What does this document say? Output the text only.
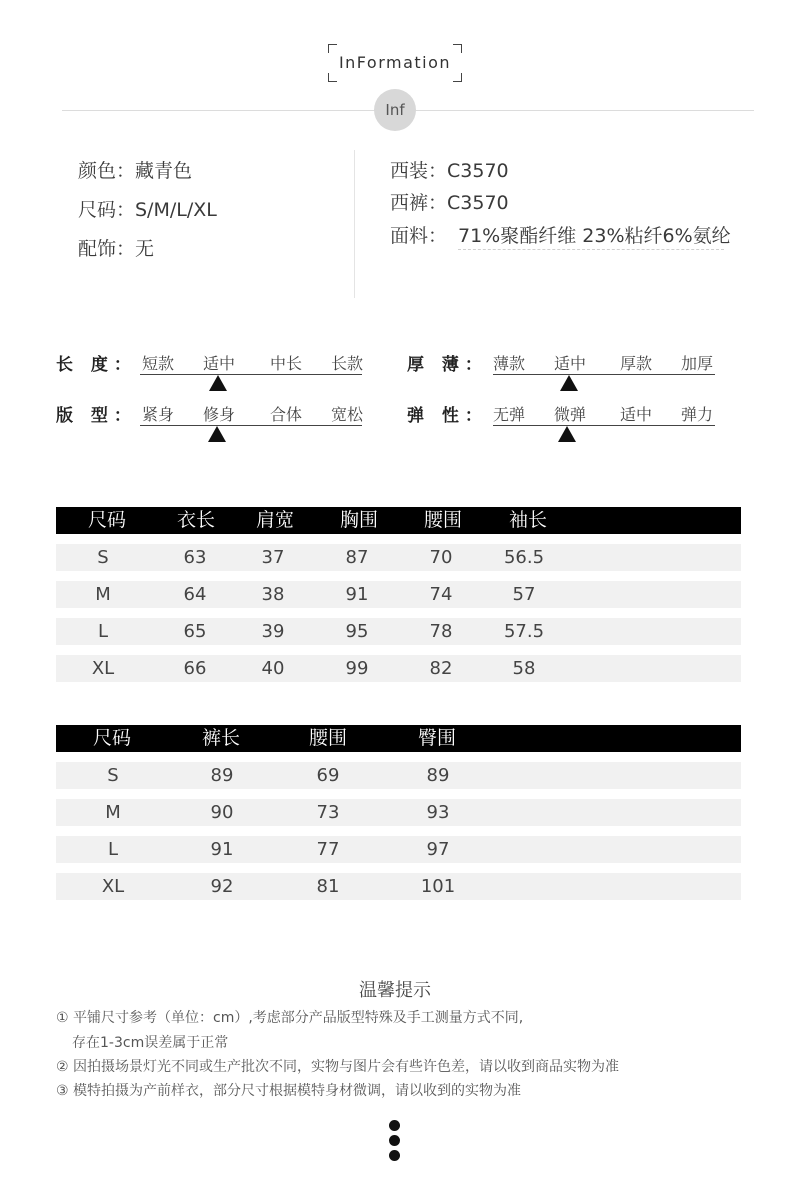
InFormation
Inf
颜色：藏青色
尺码：S/M/L/XL
配饰：无
西装：C3570
西裤：C3570
面料： 71%聚酯纤维 23%粘纤6%氨纶
长 度： 短款	适中	中长	长款	厚 薄： 薄款	适中	厚款	加厚
版 型： 紧身	修身	合体	宽松	弹 性： 无弹	微弹	适中	弹力
尺码	衣长	肩宽	胸围	腰围	袖长
S	63	37	87	70	56.5
M	64	38	91	74	57
L	65	39	95	78	57.5
XL	66	40	99	82	58
尺码	裤长	腰围	臀围
S	89	69	89
M	90	73	93
L	91	77	97
XL	92	81	101
温馨提示
① 平铺尺寸参考（单位：cm）,考虑部分产品版型特殊及手工测量方式不同,
存在1-3cm误差属于正常
② 因拍摄场景灯光不同或生产批次不同，实物与图片会有些许色差，请以收到商品实物为准
③ 模特拍摄为产前样衣，部分尺寸根据模特身材微调，请以收到的实物为准
